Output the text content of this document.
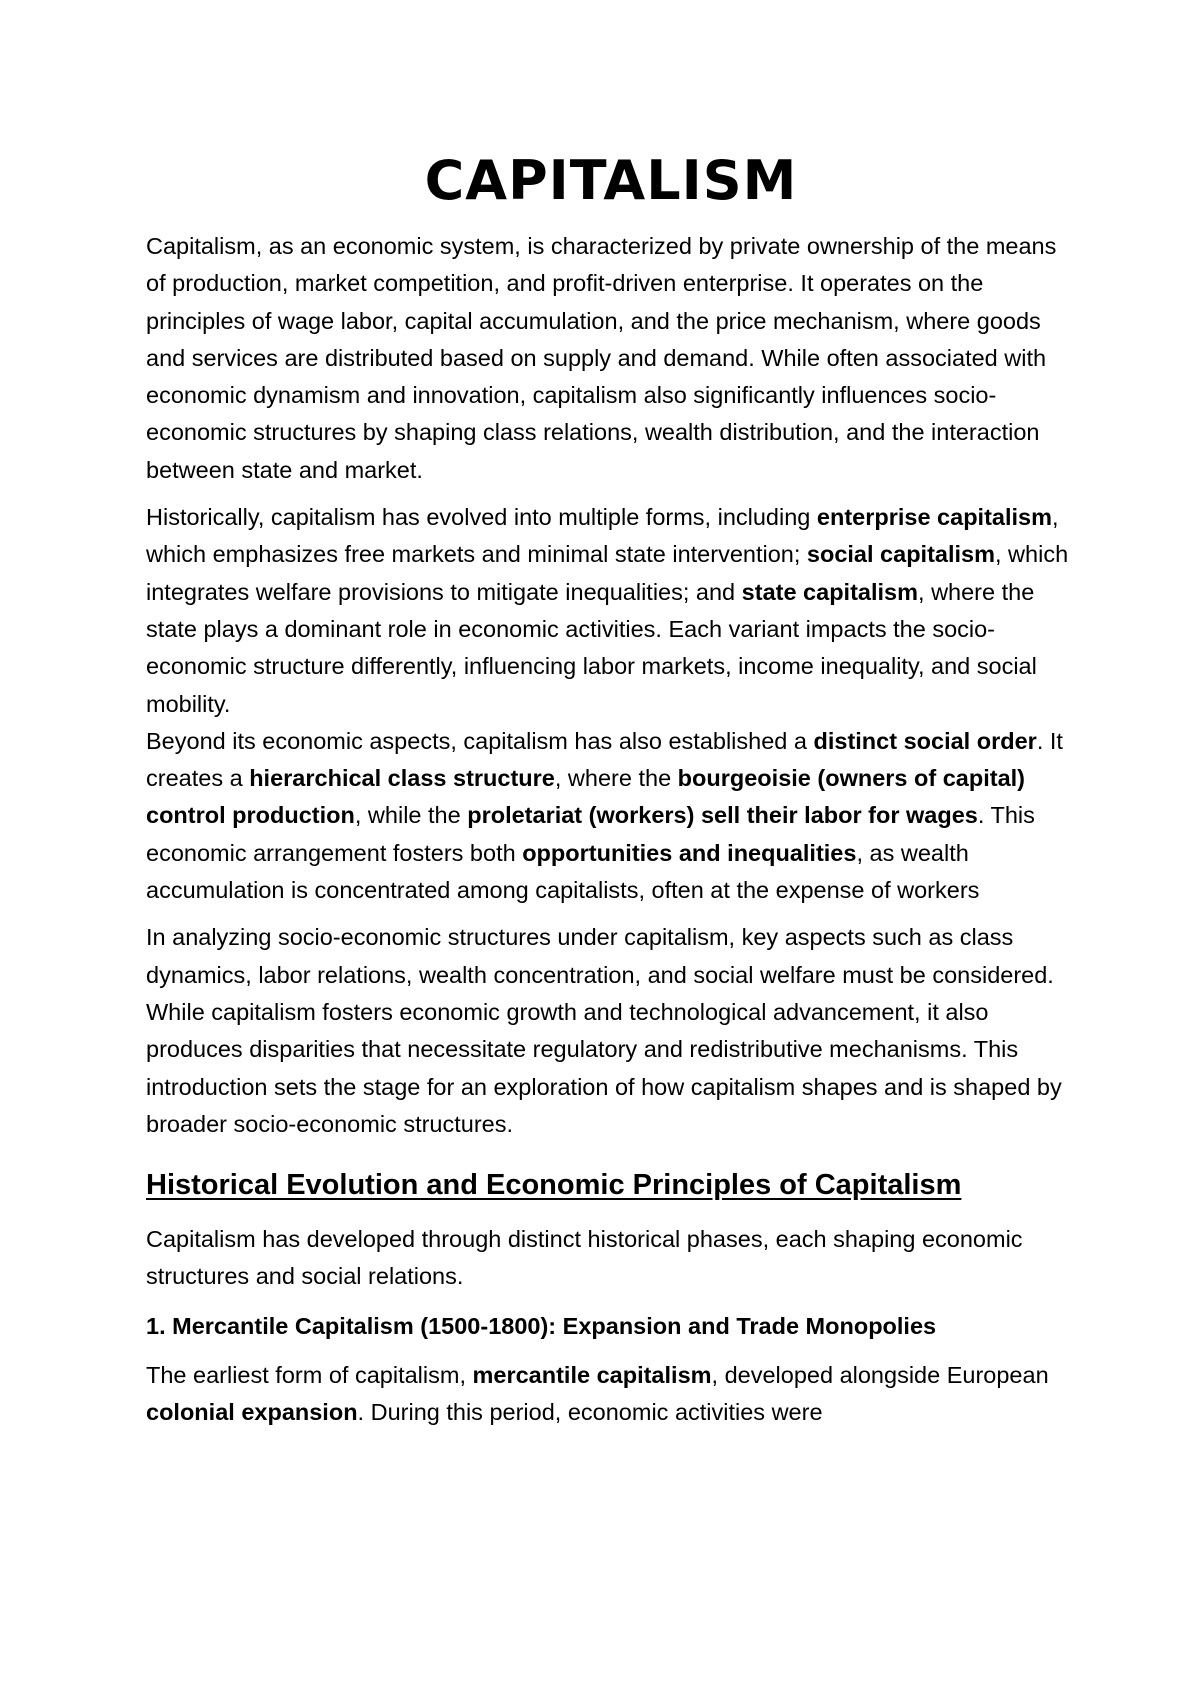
CAPITALISM

Capitalism, as an economic system, is characterized by private ownership of the means of production, market competition, and profit-driven enterprise. It operates on the principles of wage labor, capital accumulation, and the price mechanism, where goods and services are distributed based on supply and demand. While often associated with economic dynamism and innovation, capitalism also significantly influences socio-economic structures by shaping class relations, wealth distribution, and the interaction between state and market.

Historically, capitalism has evolved into multiple forms, including enterprise capitalism, which emphasizes free markets and minimal state intervention; social capitalism, which integrates welfare provisions to mitigate inequalities; and state capitalism, where the state plays a dominant role in economic activities. Each variant impacts the socio-economic structure differently, influencing labor markets, income inequality, and social mobility.

Beyond its economic aspects, capitalism has also established a distinct social order. It creates a hierarchical class structure, where the bourgeoisie (owners of capital) control production, while the proletariat (workers) sell their labor for wages. This economic arrangement fosters both opportunities and inequalities, as wealth accumulation is concentrated among capitalists, often at the expense of workers

In analyzing socio-economic structures under capitalism, key aspects such as class dynamics, labor relations, wealth concentration, and social welfare must be considered. While capitalism fosters economic growth and technological advancement, it also produces disparities that necessitate regulatory and redistributive mechanisms. This introduction sets the stage for an exploration of how capitalism shapes and is shaped by broader socio-economic structures.

Historical Evolution and Economic Principles of Capitalism

Capitalism has developed through distinct historical phases, each shaping economic structures and social relations.

1. Mercantile Capitalism (1500-1800): Expansion and Trade Monopolies

The earliest form of capitalism, mercantile capitalism, developed alongside European colonial expansion. During this period, economic activities were
